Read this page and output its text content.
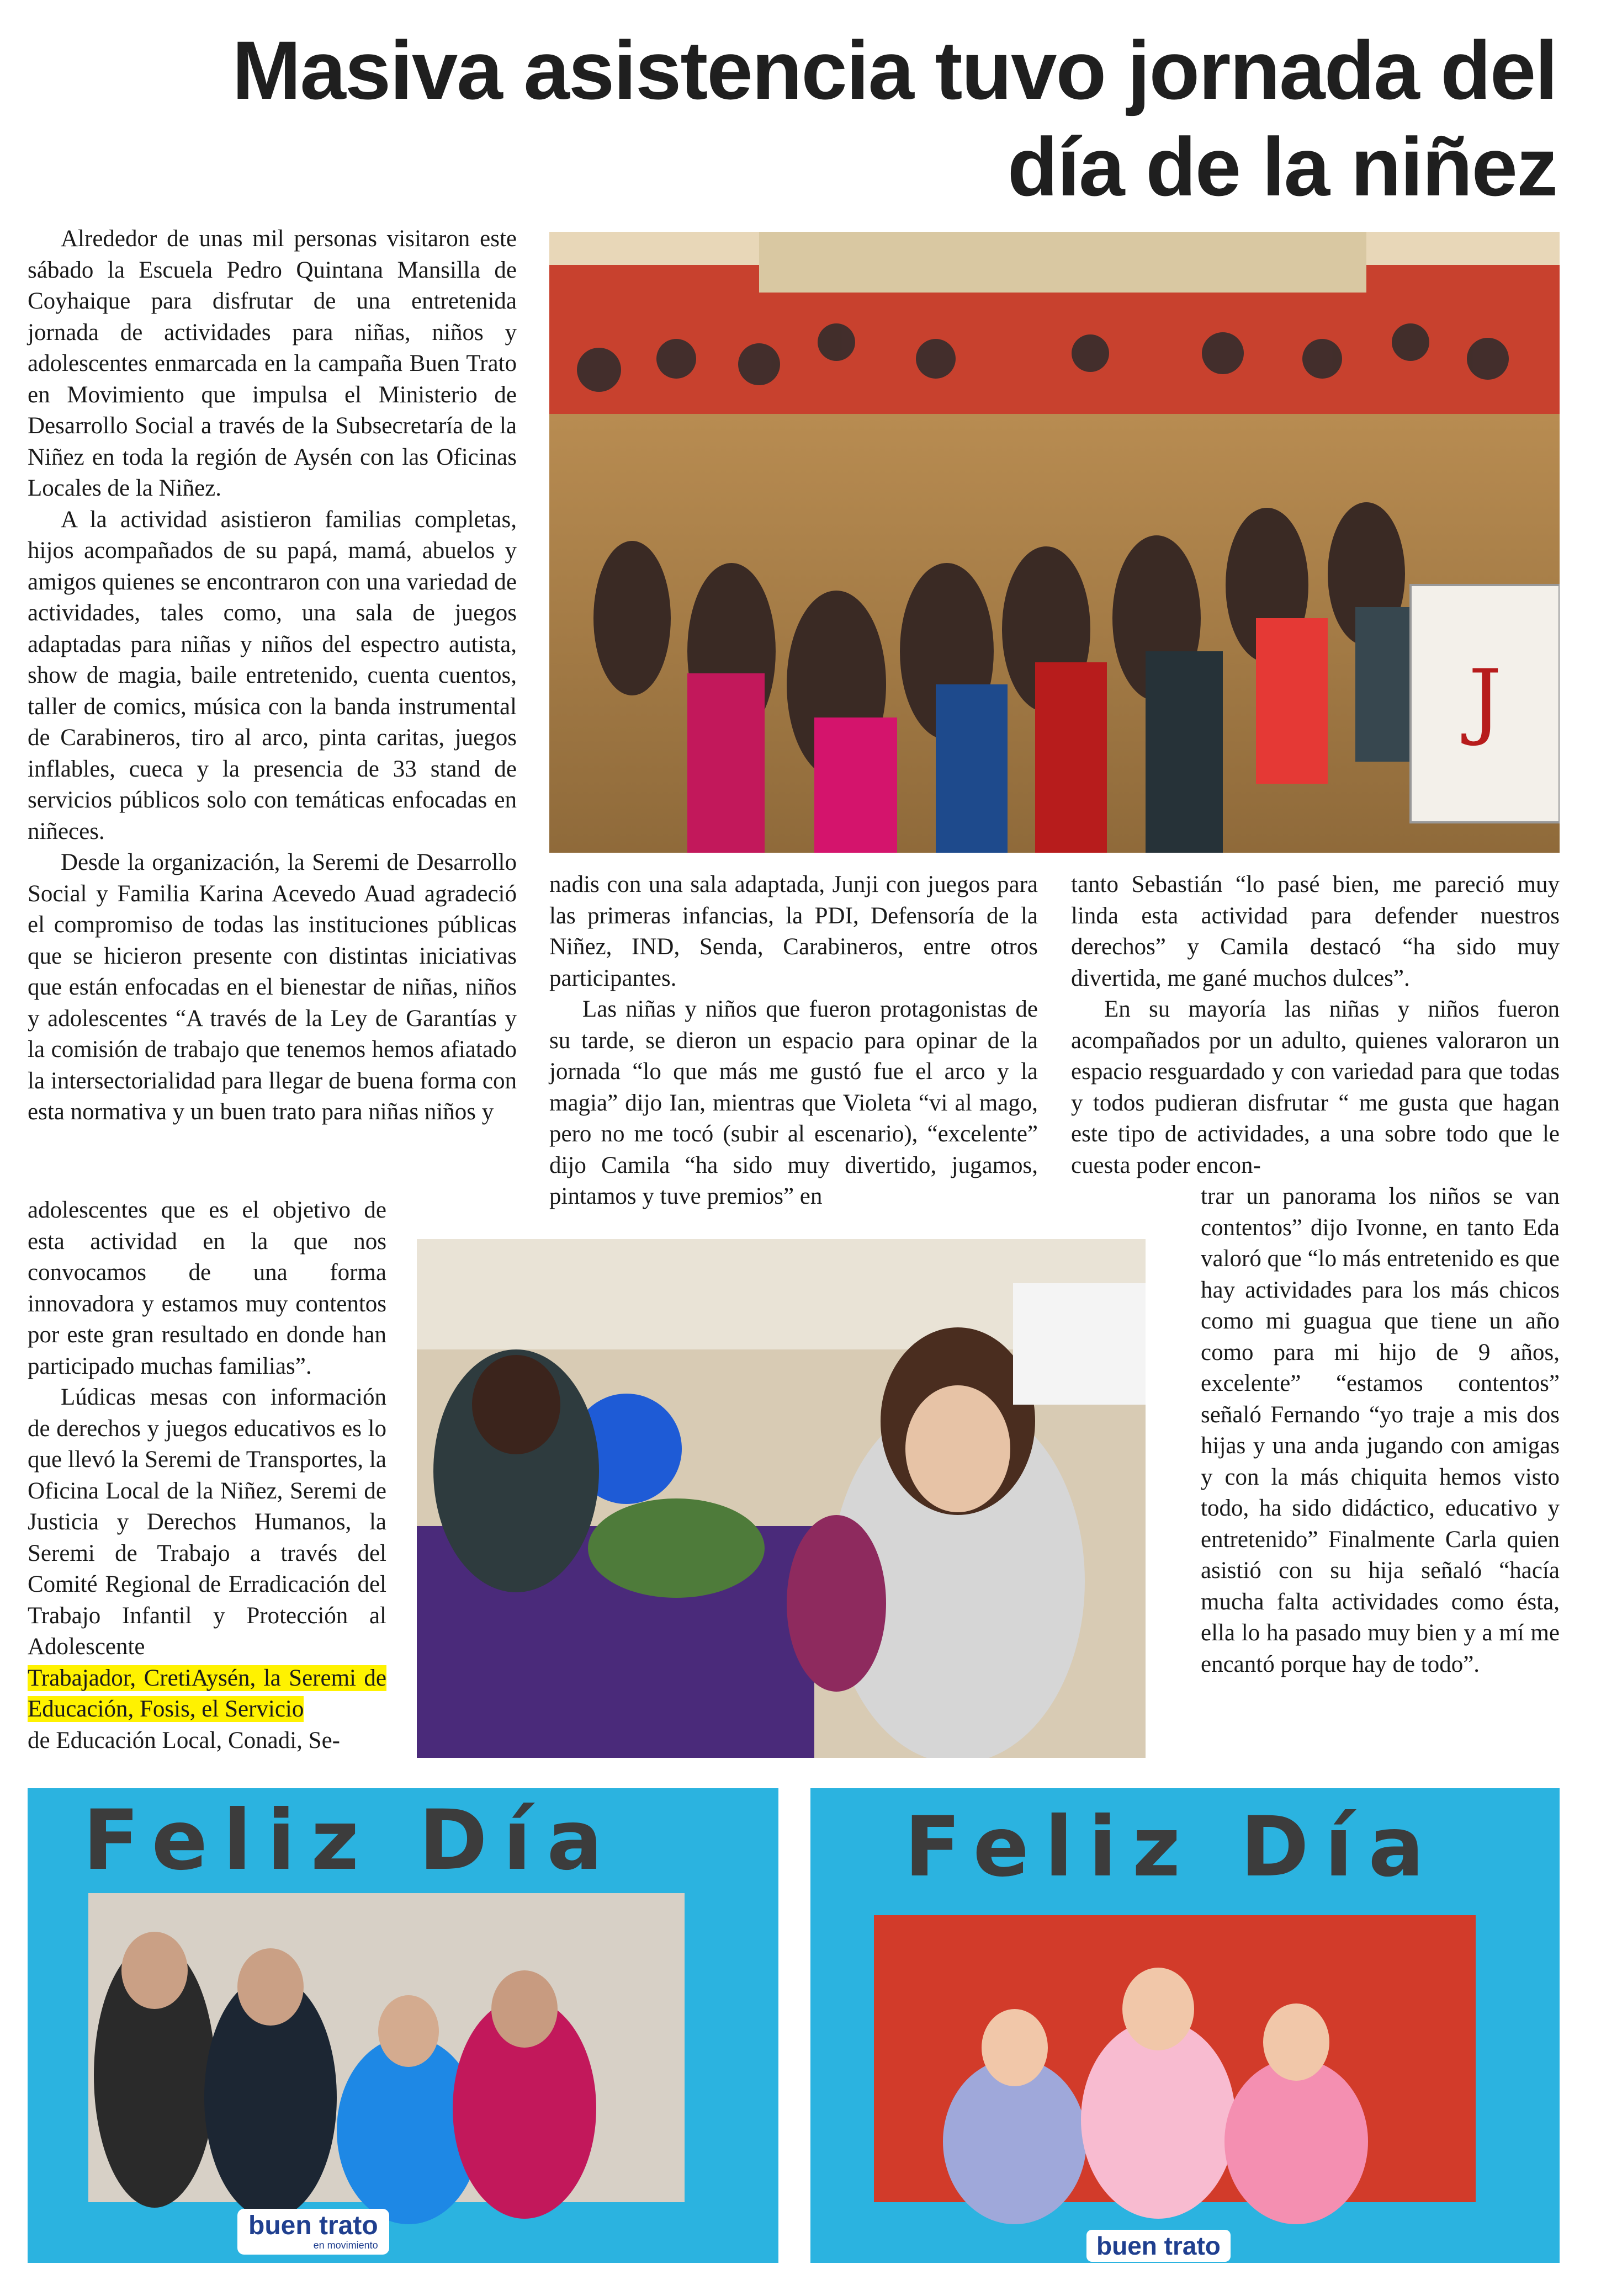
Masiva asistencia tuvo jornada del
día de la niñez

Alrededor de unas mil personas visitaron este sábado la Escuela Pedro Quintana Mansilla de Coyhaique para disfrutar de una entretenida jornada de actividades para niñas, niños y adolescentes enmarcada en la campaña Buen Trato en Movimiento que impulsa el Ministerio de Desarrollo Social a través de la Subsecretaría de la Niñez en toda la región de Aysén con las Oficinas Locales de la Niñez.

A la actividad asistieron familias completas, hijos acompañados de su papá, mamá, abuelos y amigos quienes se encontraron con una variedad de actividades, tales como, una sala de juegos adaptadas para niñas y niños del espectro autista, show de magia, baile entretenido, cuenta cuentos, taller de comics, música con la banda instrumental de Carabineros, tiro al arco, pinta caritas, juegos inflables, cueca y la presencia de 33 stand de servicios públicos solo con temáticas enfocadas en niñeces.

Desde la organización, la Seremi de Desarrollo Social y Familia Karina Acevedo Auad agradeció el compromiso de todas las instituciones públicas que se hicieron presente con distintas iniciativas que están enfocadas en el bienestar de niñas, niños y adolescentes “A través de la Ley de Garantías y la comisión de trabajo que tenemos hemos afiatado la intersectorialidad para llegar de buena forma con esta normativa y un buen trato para niñas niños y

adolescentes que es el objetivo de esta actividad en la que nos convocamos de una forma innovadora y estamos muy contentos por este gran resultado en donde han participado muchas familias”.

Lúdicas mesas con información de derechos y juegos educativos es lo que llevó la Seremi de Transportes, la Oficina Local de la Niñez, Seremi de Justicia y Derechos Humanos, la Seremi de Trabajo a través del Comité Regional de Erradicación del Trabajo Infantil y Protección al Adolescente

Trabajador, CretiAysén, la Seremi de Educación, Fosis, el Servicio

de Educación Local, Conadi, Se-

nadis con una sala adaptada, Junji con juegos para las primeras infancias, la PDI, Defensoría de la Niñez, IND, Senda, Carabineros, entre otros participantes.

Las niñas y niños que fueron protagonistas de su tarde, se dieron un espacio para opinar de la jornada “lo que más me gustó fue el arco y la magia” dijo Ian, mientras que Violeta “vi al mago, pero no me tocó (subir al escenario), “excelente” dijo Camila “ha sido muy divertido, jugamos, pintamos y tuve premios” en

tanto Sebastián “lo pasé bien, me pareció muy linda esta actividad para defender nuestros derechos” y Camila destacó “ha sido muy divertida, me gané muchos dulces”.

En su mayoría las niñas y niños fueron acompañados por un adulto, quienes valoraron un espacio resguardado y con variedad para que todas y todos pudieran disfrutar “ me gusta que hagan este tipo de actividades, a una sobre todo que le cuesta poder encon-

trar un panorama los niños se van contentos” dijo Ivonne, en tanto Eda valoró que “lo más entretenido es que hay actividades para los más chicos como mi guagua que tiene un año como para mi hijo de 9 años, excelente” “estamos contentos” señaló Fernando “yo traje a mis dos hijas y una anda jugando con amigas y con la más chiquita hemos visto todo, ha sido didáctico, educativo y entretenido” Finalmente Carla quien asistió con su hija señaló “hacía mucha falta actividades como ésta, ella lo ha pasado muy bien y a mí me encantó porque hay de todo”.

J
Feliz Día
buen trato
en movimiento
Feliz Día
buen trato
